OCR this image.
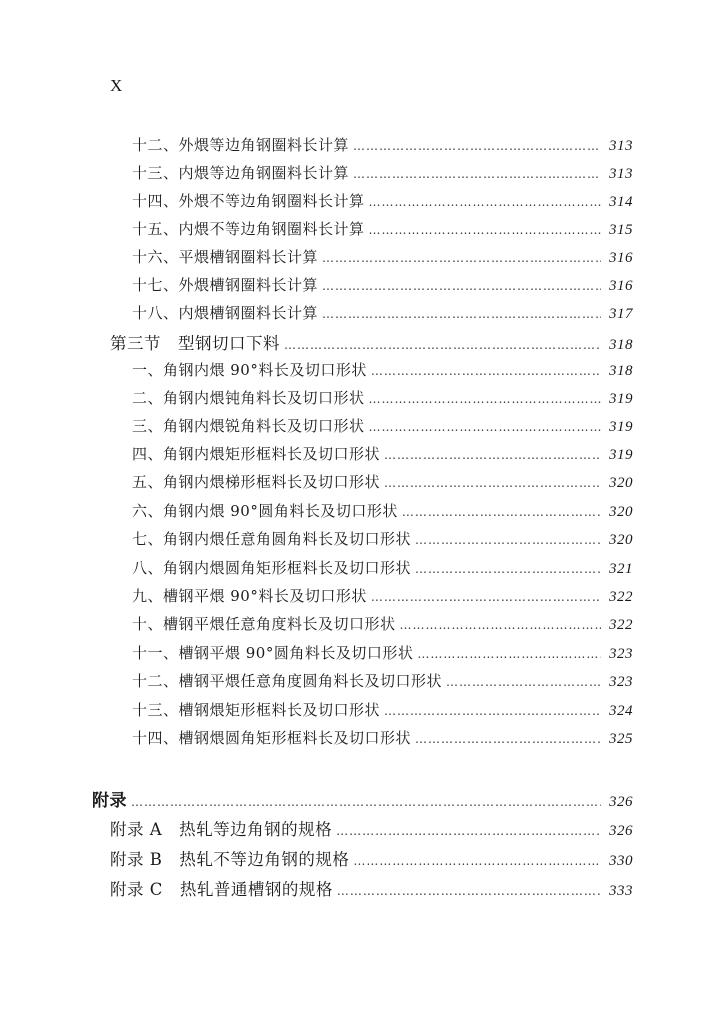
X
十二、外煨等边角钢圈料长计算 …………………………………………………………………………………………………………………………………………………………	313
十三、内煨等边角钢圈料长计算 …………………………………………………………………………………………………………………………………………………………	313
十四、外煨不等边角钢圈料长计算 …………………………………………………………………………………………………………………………………………………………	314
十五、内煨不等边角钢圈料长计算 …………………………………………………………………………………………………………………………………………………………	315
十六、平煨槽钢圈料长计算 …………………………………………………………………………………………………………………………………………………………	316
十七、外煨槽钢圈料长计算 …………………………………………………………………………………………………………………………………………………………	316
十八、内煨槽钢圈料长计算 …………………………………………………………………………………………………………………………………………………………	317
第三节　型钢切口下料 …………………………………………………………………………………………………………………………………………………………	318
一、角钢内煨 90°料长及切口形状 …………………………………………………………………………………………………………………………………………………………	318
二、角钢内煨钝角料长及切口形状 …………………………………………………………………………………………………………………………………………………………	319
三、角钢内煨锐角料长及切口形状 …………………………………………………………………………………………………………………………………………………………	319
四、角钢内煨矩形框料长及切口形状 …………………………………………………………………………………………………………………………………………………………	319
五、角钢内煨梯形框料长及切口形状 …………………………………………………………………………………………………………………………………………………………	320
六、角钢内煨 90°圆角料长及切口形状 …………………………………………………………………………………………………………………………………………………………	320
七、角钢内煨任意角圆角料长及切口形状 …………………………………………………………………………………………………………………………………………………………	320
八、角钢内煨圆角矩形框料长及切口形状 …………………………………………………………………………………………………………………………………………………………	321
九、槽钢平煨 90°料长及切口形状 …………………………………………………………………………………………………………………………………………………………	322
十、槽钢平煨任意角度料长及切口形状 …………………………………………………………………………………………………………………………………………………………	322
十一、槽钢平煨 90°圆角料长及切口形状 …………………………………………………………………………………………………………………………………………………………	323
十二、槽钢平煨任意角度圆角料长及切口形状 …………………………………………………………………………………………………………………………………………………………	323
十三、槽钢煨矩形框料长及切口形状 …………………………………………………………………………………………………………………………………………………………	324
十四、槽钢煨圆角矩形框料长及切口形状 …………………………………………………………………………………………………………………………………………………………	325
附录 …………………………………………………………………………………………………………………………………………………………	326
附录 A　热轧等边角钢的规格 …………………………………………………………………………………………………………………………………………………………	326
附录 B　热轧不等边角钢的规格 …………………………………………………………………………………………………………………………………………………………	330
附录 C　热轧普通槽钢的规格 …………………………………………………………………………………………………………………………………………………………	333
